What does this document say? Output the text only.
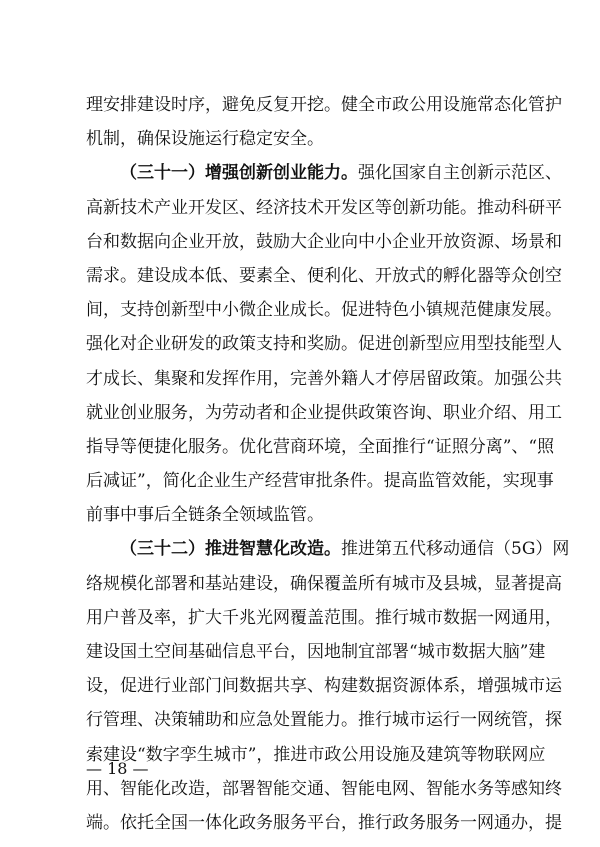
理安排建设时序，避免反复开挖。健全市政公用设施常态化管护
机制，确保设施运行稳定安全。
（三十一）增强创新创业能力。强化国家自主创新示范区、
高新技术产业开发区、经济技术开发区等创新功能。推动科研平
台和数据向企业开放，鼓励大企业向中小企业开放资源、场景和
需求。建设成本低、要素全、便利化、开放式的孵化器等众创空
间，支持创新型中小微企业成长。促进特色小镇规范健康发展。
强化对企业研发的政策支持和奖励。促进创新型应用型技能型人
才成长、集聚和发挥作用，完善外籍人才停居留政策。加强公共
就业创业服务，为劳动者和企业提供政策咨询、职业介绍、用工
指导等便捷化服务。优化营商环境，全面推行“证照分离”、“照
后减证”，简化企业生产经营审批条件。提高监管效能，实现事
前事中事后全链条全领域监管。
（三十二）推进智慧化改造。推进第五代移动通信（5G）网
络规模化部署和基站建设，确保覆盖所有城市及县城，显著提高
用户普及率，扩大千兆光网覆盖范围。推行城市数据一网通用，
建设国土空间基础信息平台，因地制宜部署“城市数据大脑”建
设，促进行业部门间数据共享、构建数据资源体系，增强城市运
行管理、决策辅助和应急处置能力。推行城市运行一网统管，探
索建设“数字孪生城市”，推进市政公用设施及建筑等物联网应
用、智能化改造，部署智能交通、智能电网、智能水务等感知终
端。依托全国一体化政务服务平台，推行政务服务一网通办，提
— 18 —
